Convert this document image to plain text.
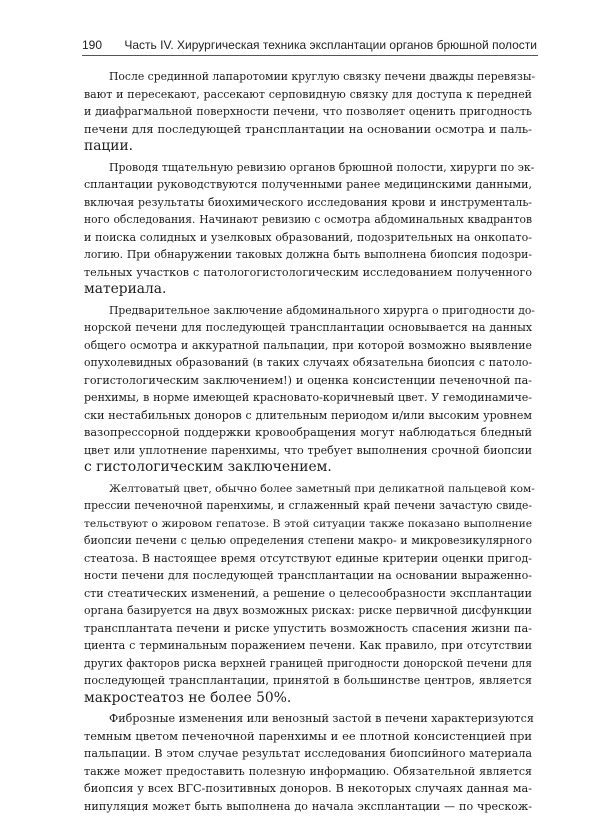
190 Часть IV. Хирургическая техника эксплантации органов брюшной полости
После срединной лапаротомии круглую связку печени дважды перевязы-
вают и пересекают, рассекают серповидную связку для доступа к передней
и диафрагмальной поверхности печени, что позволяет оценить пригодность
печени для последующей трансплантации на основании осмотра и паль-
пации.
Проводя тщательную ревизию органов брюшной полости, хирурги по эк-
сплантации руководствуются полученными ранее медицинскими данными,
включая результаты биохимического исследования крови и инструменталь-
ного обследования. Начинают ревизию с осмотра абдоминальных квадрантов
и поиска солидных и узелковых образований, подозрительных на онкопато-
логию. При обнаружении таковых должна быть выполнена биопсия подозри-
тельных участков с патологогистологическим исследованием полученного
материала.
Предварительное заключение абдоминального хирурга о пригодности до-
норской печени для последующей трансплантации основывается на данных
общего осмотра и аккуратной пальпации, при которой возможно выявление
опухолевидных образований (в таких случаях обязательна биопсия с патоло-
гогистологическим заключением!) и оценка консистенции печеночной па-
ренхимы, в норме имеющей красновато-коричневый цвет. У гемодинамиче-
ски нестабильных доноров с длительным периодом и/или высоким уровнем
вазопрессорной поддержки кровообращения могут наблюдаться бледный
цвет или уплотнение паренхимы, что требует выполнения срочной биопсии
с гистологическим заключением.
Желтоватый цвет, обычно более заметный при деликатной пальцевой ком-
прессии печеночной паренхимы, и сглаженный край печени зачастую свиде-
тельствуют о жировом гепатозе. В этой ситуации также показано выполнение
биопсии печени с целью определения степени макро- и микровезикулярного
стеатоза. В настоящее время отсутствуют единые критерии оценки пригод-
ности печени для последующей трансплантации на основании выраженно-
сти стеатических изменений, а решение о целесообразности эксплантации
органа базируется на двух возможных рисках: риске первичной дисфункции
трансплантата печени и риске упустить возможность спасения жизни па-
циента с терминальным поражением печени. Как правило, при отсутствии
других факторов риска верхней границей пригодности донорской печени для
последующей трансплантации, принятой в большинстве центров, является
макростеатоз не более 50%.
Фиброзные изменения или венозный застой в печени характеризуются
темным цветом печеночной паренхимы и ее плотной консистенцией при
пальпации. В этом случае результат исследования биопсийного материала
также может предоставить полезную информацию. Обязательной является
биопсия у всех ВГС-позитивных доноров. В некоторых случаях данная ма-
нипуляция может быть выполнена до начала эксплантации — по чрескож-
